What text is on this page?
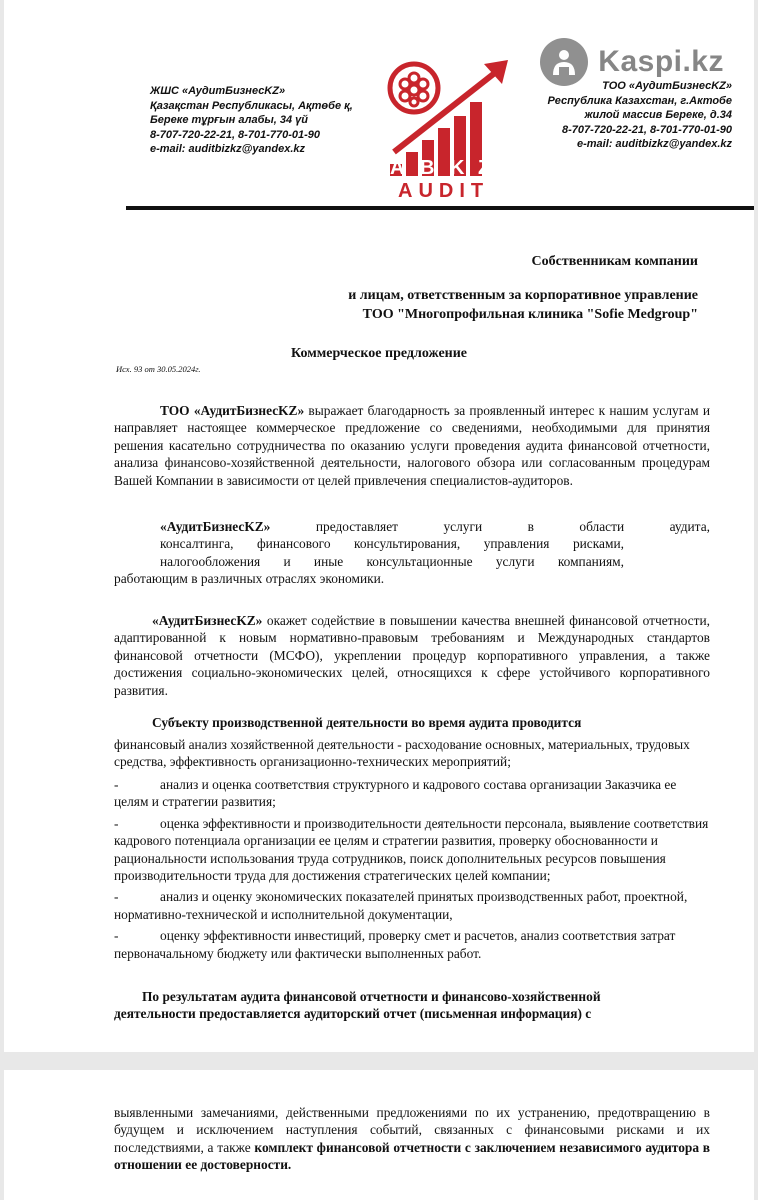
Kaspi.kz
ЖШС «АудитБизнесKZ»
Қазақстан Республикасы, Ақтөбе қ,
Береке тұрғын алабы, 34 үй
8-707-720-22-21, 8-701-770-01-90
e-mail: auditbizkz@yandex.kz
A B K Z
AUDIT
ТОО «АудитБизнесKZ»
Республика Казахстан, г.Актобе
жилой массив Береке, д.34
8-707-720-22-21, 8-701-770-01-90
e-mail: auditbizkz@yandex.kz
Собственникам компании
и лицам, ответственным за корпоративное управление
ТОО "Многопрофильная клиника "Sofie Medgroup"
Коммерческое предложение
Исх. 93 от 30.05.2024г.

ТОО «АудитБизнесKZ» выражает благодарность за проявленный интерес к нашим услугам и направляет настоящее коммерческое предложение со сведениями, необходимыми для принятия решения касательно сотрудничества по оказанию услуги проведения аудита финансовой отчетности, анализа финансово-хозяйственной деятельности, налогового обзора или согласованным процедурам Вашей Компании в зависимости от целей привлечения специалистов-аудиторов.

«АудитБизнесKZ» предоставляет услуги в области аудита,
консалтинга, финансового консультирования, управления рисками,
налогообложения и иные консультационные услуги компаниям,
работающим в различных отраслях экономики.

«АудитБизнесKZ» окажет содействие в повышении качества внешней финансовой отчетности, адаптированной к новым нормативно-правовым требованиям и Международных стандартов финансовой отчетности (МСФО), укреплении процедур корпоративного управления, а также достижения социально-экономических целей, относящихся к сфере устойчивого корпоративного развития.

Субъекту производственной деятельности во время аудита проводится

финансовый анализ хозяйственной деятельности - расходование основных, материальных, трудовых средства, эффективность организационно-технических мероприятий;

-	анализ и оценка соответствия структурного и кадрового состава организации Заказчика ее целям и стратегии развития;
-	оценка эффективности и производительности деятельности персонала, выявление соответствия кадрового потенциала организации ее целям и стратегии развития, проверку обоснованности и рациональности использования труда сотрудников, поиск дополнительных ресурсов повышения производительности труда для достижения стратегических целей компании;
-	анализ и оценку экономических показателей принятых производственных работ, проектной, нормативно-технической и исполнительной документации,
-	оценку эффективности инвестиций, проверку смет и расчетов, анализ соответствия затрат первоначальному бюджету или фактически выполненных работ.

По результатам аудита финансовой отчетности и финансово-хозяйственной деятельности предоставляется аудиторский отчет (письменная информация) с

выявленными замечаниями, действенными предложениями по их устранению, предотвращению в будущем и исключением наступления событий, связанных с финансовыми рисками и их последствиями, а также комплект финансовой отчетности с заключением независимого аудитора в отношении ее достоверности.
